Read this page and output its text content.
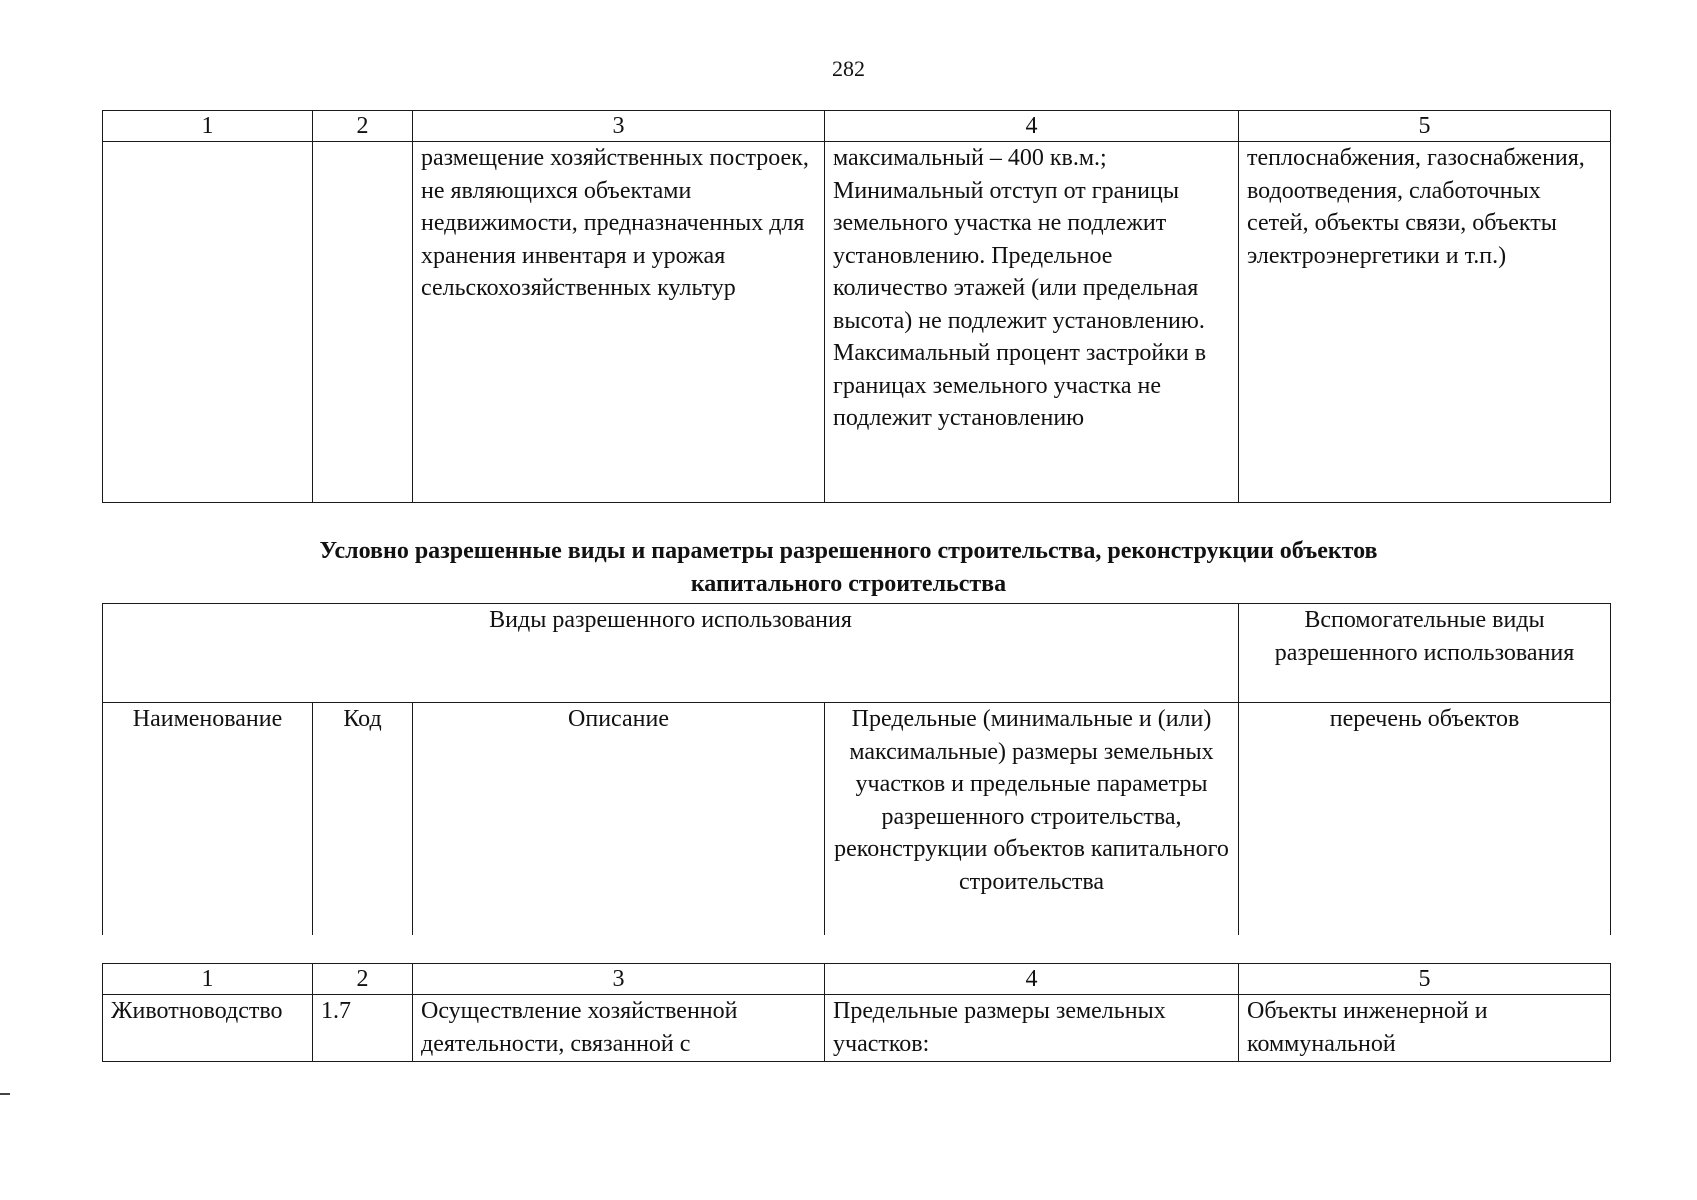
282
1	2	3	4	5
		размещение хозяйственных построек, не являющихся объектами недвижимости, предназначенных для хранения инвентаря и урожая сельскохозяйственных культур	максимальный – 400 кв.м.; Минимальный отступ от границы земельного участка не подлежит установлению. Предельное количество этажей (или предельная высота) не подлежит установлению. Максимальный процент застройки в границах земельного участка не подлежит установлению	теплоснабжения, газоснабжения, водоотведения, слаботочных сетей, объекты связи, объекты электроэнергетики и т.п.)
Условно разрешенные виды и параметры разрешенного строительства, реконструкции объектов
капитального строительства
Виды разрешенного использования				Вспомогательные виды разрешенного использования
Наименование	Код	Описание	Предельные (минимальные и (или) максимальные) размеры земельных участков и предельные параметры разрешенного строительства, реконструкции объектов капитального строительства	перечень объектов
1	2	3	4	5
Животноводство	1.7	Осуществление хозяйственной деятельности, связанной с	Предельные размеры земельных участков:	Объекты инженерной и коммунальной
